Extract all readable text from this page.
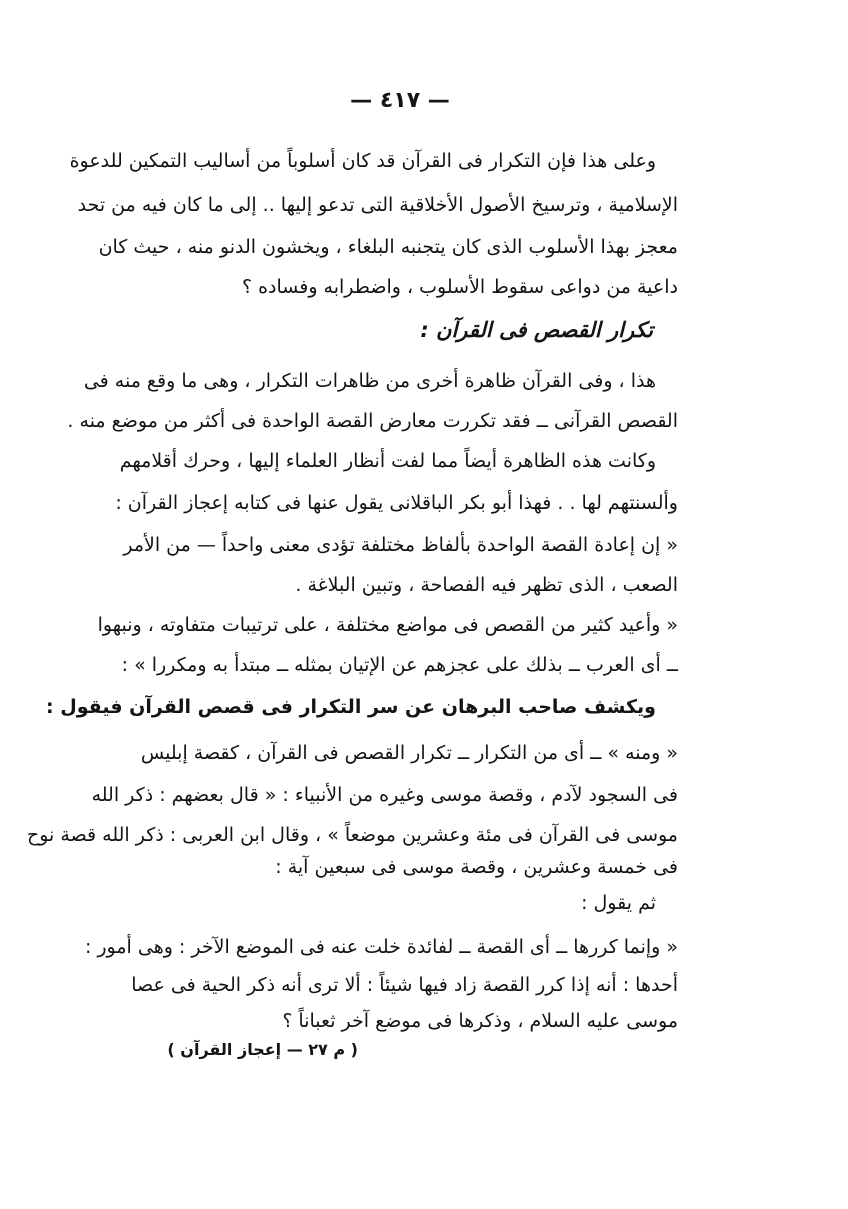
— ٤١٧ —
وعلى هذا فإن التكرار فى القرآن قد كان أسلوباً من أساليب التمكين للدعوة
الإسلامية ، وترسيخ الأصول الأخلاقية التى تدعو إليها .. إلى ما كان فيه من تحد
معجز بهذا الأسلوب الذى كان يتجنبه البلغاء ، ويخشون الدنو منه ، حيث كان
داعية من دواعى سقوط الأسلوب ، واضطرابه وفساده ؟
تكرار القصص فى القرآن :
هذا ، وفى القرآن ظاهرة أخرى من ظاهرات التكرار ، وهى ما وقع منه فى
القصص القرآنى ــ فقد تكررت معارض القصة الواحدة فى أكثر من موضع منه .
وكانت هذه الظاهرة أيضاً مما لفت أنظار العلماء إليها ، وحرك أقلامهم
وألسنتهم لها . . فهذا أبو بكر الباقلانى يقول عنها فى كتابه إعجاز القرآن :
« إن إعادة القصة الواحدة بألفاظ مختلفة تؤدى معنى واحداً — من الأمر
الصعب ، الذى تظهر فيه الفصاحة ، وتبين البلاغة .
« وأعيد كثير من القصص فى مواضع مختلفة ، على ترتيبات متفاوته ، ونبهوا
ــ أى العرب ــ بذلك على عجزهم عن الإتيان بمثله ــ مبتدأ به ومكررا » :
ويكشف صاحب البرهان عن سر التكرار فى قصص القرآن فيقول :
« ومنه » ــ أى من التكرار ــ تكرار القصص فى القرآن ، كقصة إبليس
فى السجود لآدم ، وقصة موسى وغيره من الأنبياء : « قال بعضهم : ذكر الله
موسى فى القرآن فى مئة وعشرين موضعاً » ، وقال ابن العربى : ذكر الله قصة نوح
فى خمسة وعشرين ، وقصة موسى فى سبعين آية :
ثم يقول :
« وإنما كررها ــ أى القصة ــ لفائدة خلت عنه فى الموضع الآخر : وهى أمور :
أحدها : أنه إذا كرر القصة زاد فيها شيئاً : ألا ترى أنه ذكر الحية فى عصا
موسى عليه السلام ، وذكرها فى موضع آخر ثعباناً ؟
( م ٢٧ — إعجاز القرآن )
